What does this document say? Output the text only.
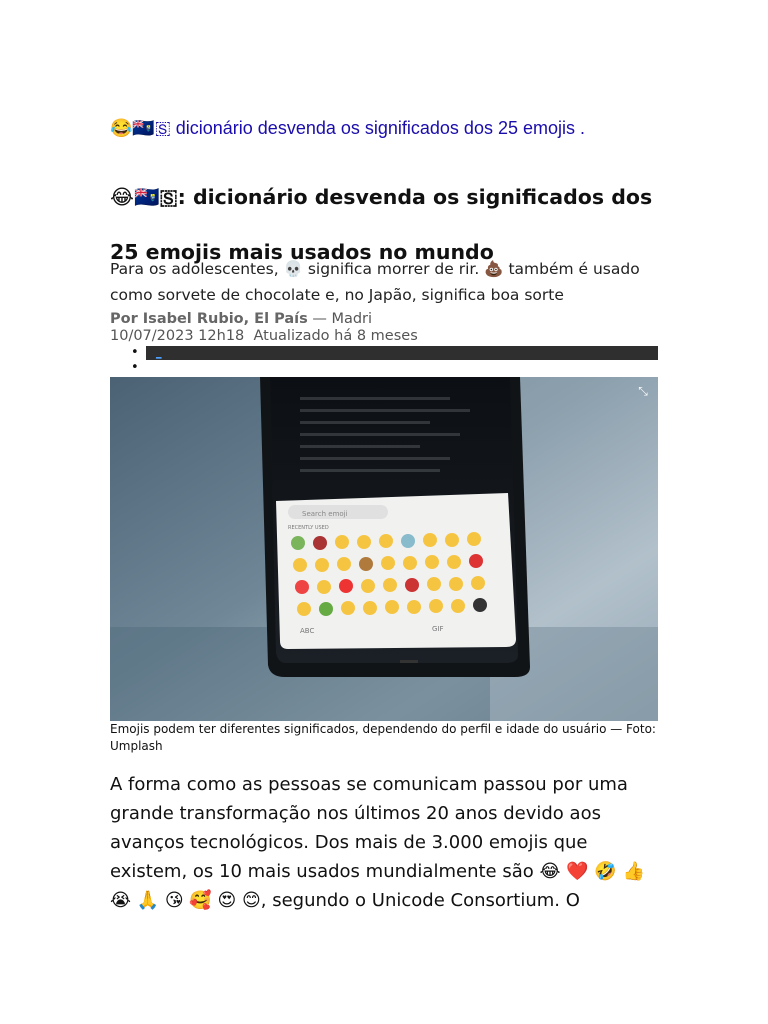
😂🇸🇭🇸 dicionário desvenda os significados dos 25 emojis .
😂🇸🇭🇸: dicionário desvenda os significados dos
25 emojis mais usados no mundo

Para os adolescentes, 💀 significa morrer de rir. 💩 também é usado como sorvete de chocolate e, no Japão, significa boa sorte

Por Isabel Rubio, El País — Madri
10/07/2023 12h18 Atualizado há 8 meses
• _
•
Search emoji
RECENTLY USED
ABC	GIF
⤡

Emojis podem ter diferentes significados, dependendo do perfil e idade do usuário — Foto: Umplash

A forma como as pessoas se comunicam passou por uma grande transformação nos últimos 20 anos devido aos avanços tecnológicos. Dos mais de 3.000 emojis que existem, os 10 mais usados mundialmente são 😂 ❤️ 🤣 👍 😭 🙏 😘 🥰 😍 😊, segundo o Unicode Consortium. O
